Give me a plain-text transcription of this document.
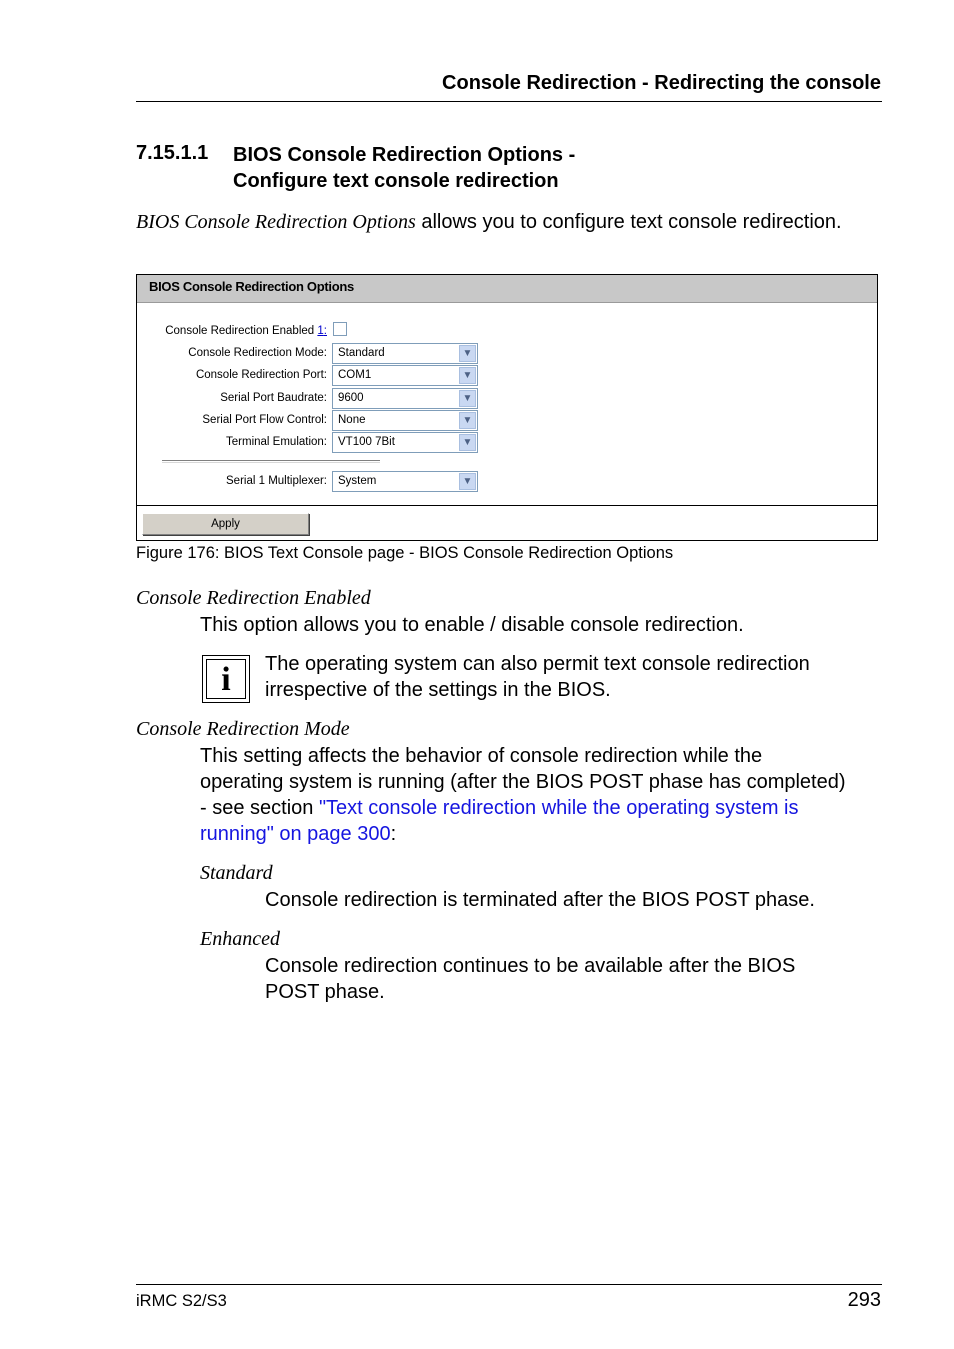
Console Redirection - Redirecting the console
7.15.1.1 BIOS Console Redirection Options -
Configure text console redirection
BIOS Console Redirection Options allows you to configure text console redirection.
BIOS Console Redirection Options
Console Redirection Enabled 1:
Console Redirection Mode: Standard	▼
Console Redirection Port: COM1	▼
Serial Port Baudrate: 9600	▼
Serial Port Flow Control: None	▼
Terminal Emulation: VT100 7Bit	▼
Serial 1 Multiplexer: System	▼
Apply
Figure 176: BIOS Text Console page - BIOS Console Redirection Options
Console Redirection Enabled
This option allows you to enable / disable console redirection.
i	The operating system can also permit text console redirection
irrespective of the settings in the BIOS.
Console Redirection Mode
This setting affects the behavior of console redirection while the
operating system is running (after the BIOS POST phase has completed)
- see section "Text console redirection while the operating system is
running" on page 300:
Standard
Console redirection is terminated after the BIOS POST phase.
Enhanced
Console redirection continues to be available after the BIOS
POST phase.
iRMC S2/S3	293
